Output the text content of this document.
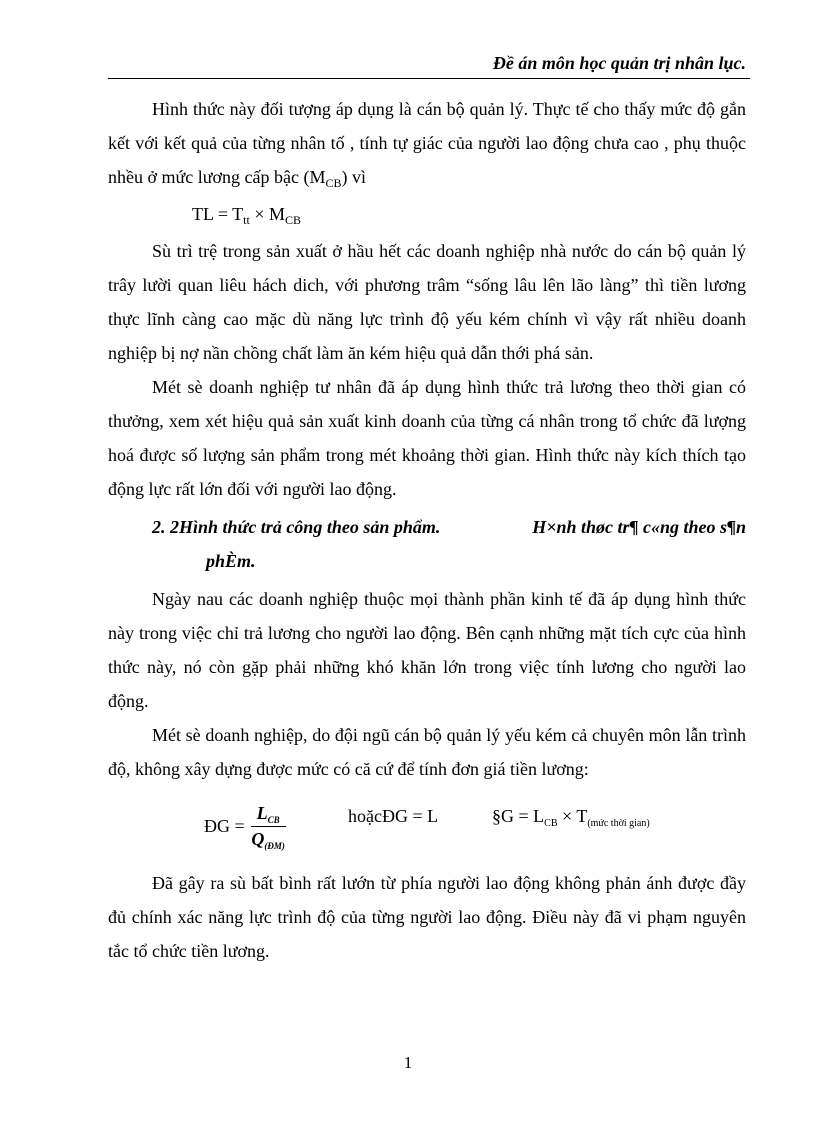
Đề án môn học quản trị nhân lục.

Hình thức này đối tượng áp dụng là cán bộ quản lý. Thực tế cho thấy mức độ gắn kết với kết quả của từng nhân tố , tính tự giác của người lao động chưa cao , phụ thuộc nhều ở mức lương cấp bậc $(M_{CB})$ vì

TL = $T_{tt} \times M_{CB}$

Sù trì trệ trong sản xuất ở hầu hết các doanh nghiệp nhà nước do cán bộ quản lý trây lười quan liêu hách dich, với phương trâm “sống lâu lên lão làng” thì tiền lương thực lĩnh càng cao mặc dù năng lực trình độ yếu kém chính vì vậy rất nhiều doanh nghiệp bị nợ nần chồng chất làm ăn kém hiệu quả dẫn thới phá sản.

Mét sè doanh nghiệp tư nhân đã áp dụng hình thức trả lương theo thời gian có thưởng, xem xét hiệu quả sản xuất kinh doanh của từng cá nhân trong tổ chức đã lượng hoá được số lượng sản phẩm trong mét khoảng thời gian. Hình thức này kích thích tạo động lực rất lớn đối với người lao động.

2. 2Hình thức trả công theo sản phẩm.	H×nh thøc tr¶ c«ng theo s¶n
phÈm.

Ngày nau các doanh nghiệp thuộc mọi thành phần kinh tế đã áp dụng hình thức này trong việc chỉ trả lương cho người lao động. Bên cạnh những mặt tích cực của hình thức này, nó còn gặp phải những khó khăn lớn trong việc tính lương cho người lao động.

Mét sè doanh nghiệp, do đội ngũ cán bộ quản lý yếu kém cả chuyên môn lẫn trình độ, không xây dựng được mức có că cứ để tính đơn giá tiền lương:

ĐG = $\frac{L_{CB}}{Q_{(ĐM)}}$	hoặcĐG = L	§G = $L_{CB} \times T_{(mức thời gian)}$

Đã gây ra sù bất bình rất lướn từ phía người lao động không phản ánh được đầy đủ chính xác năng lực trình độ của từng người lao động. Điều này đã vi phạm nguyên tắc tổ chức tiền lương.

1
